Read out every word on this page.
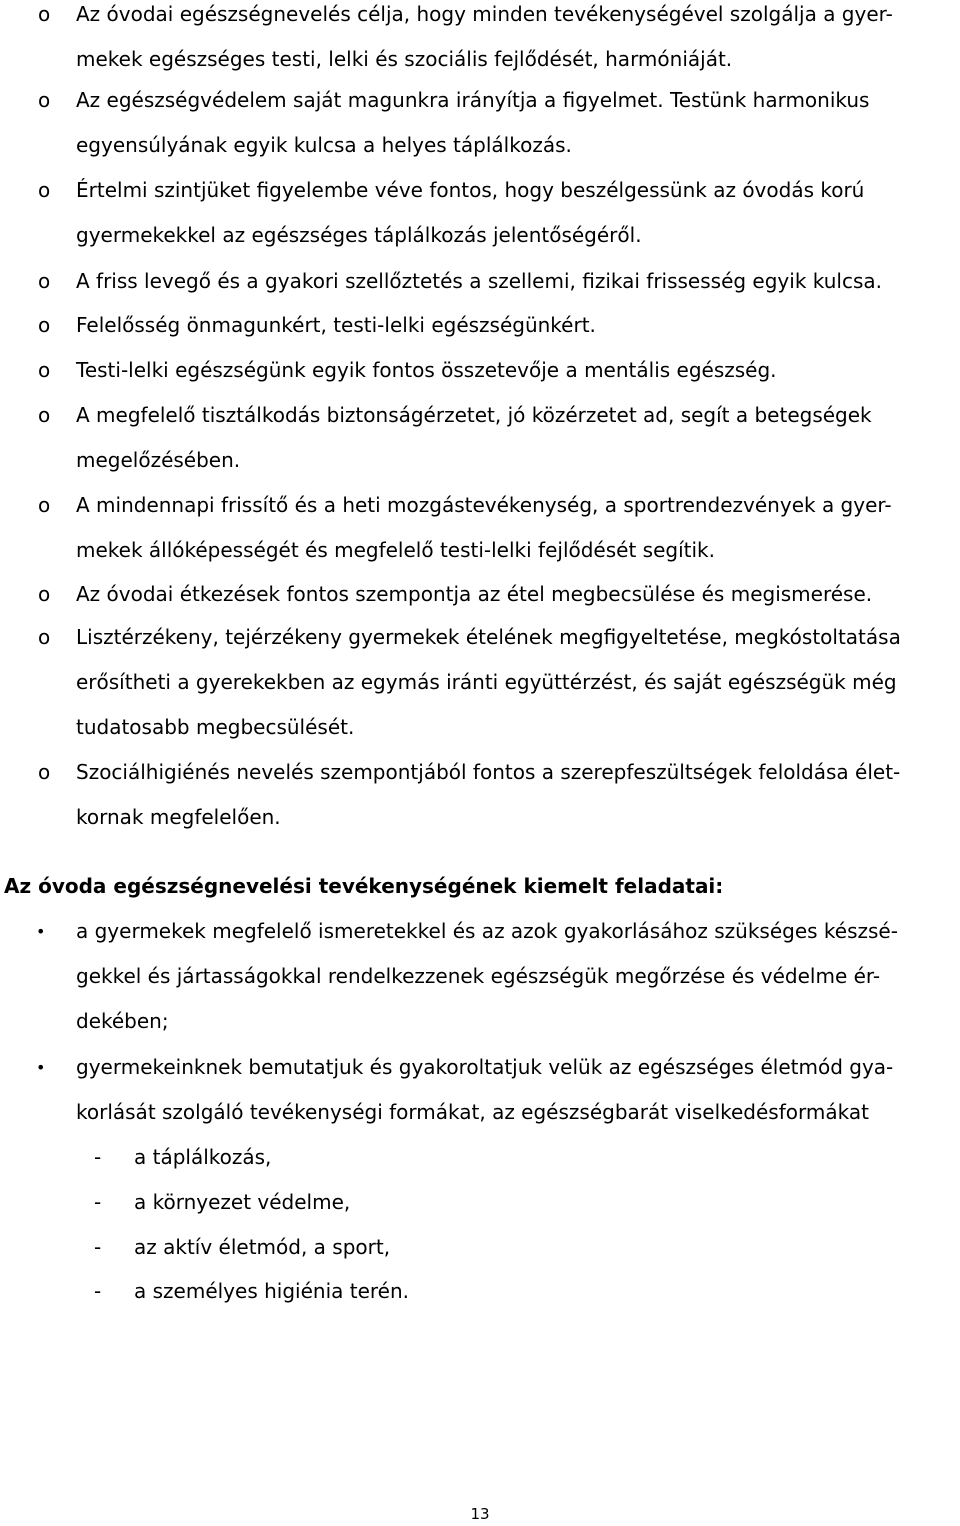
o Az óvodai egészségnevelés célja, hogy minden tevékenységével szolgálja a gyer-
mekek egészséges testi, lelki és szociális fejlődését, harmóniáját.
o Az egészségvédelem saját magunkra irányítja a figyelmet. Testünk harmonikus
egyensúlyának egyik kulcsa a helyes táplálkozás.
o Értelmi szintjüket figyelembe véve fontos, hogy beszélgessünk az óvodás korú
gyermekekkel az egészséges táplálkozás jelentőségéről.
o A friss levegő és a gyakori szellőztetés a szellemi, fizikai frissesség egyik kulcsa.
o Felelősség önmagunkért, testi-lelki egészségünkért.
o Testi-lelki egészségünk egyik fontos összetevője a mentális egészség.
o A megfelelő tisztálkodás biztonságérzetet, jó közérzetet ad, segít a betegségek
megelőzésében.
o A mindennapi frissítő és a heti mozgástevékenység, a sportrendezvények a gyer-
mekek állóképességét és megfelelő testi-lelki fejlődését segítik.
o Az óvodai étkezések fontos szempontja az étel megbecsülése és megismerése.
o Lisztérzékeny, tejérzékeny gyermekek ételének megfigyeltetése, megkóstoltatása
erősítheti a gyerekekben az egymás iránti együttérzést, és saját egészségük még
tudatosabb megbecsülését.
o Szociálhigiénés nevelés szempontjából fontos a szerepfeszültségek feloldása élet-
kornak megfelelően.
Az óvoda egészségnevelési tevékenységének kiemelt feladatai:
• a gyermekek megfelelő ismeretekkel és az azok gyakorlásához szükséges készsé-
gekkel és jártasságokkal rendelkezzenek egészségük megőrzése és védelme ér-
dekében;
• gyermekeinknek bemutatjuk és gyakoroltatjuk velük az egészséges életmód gya-
korlását szolgáló tevékenységi formákat, az egészségbarát viselkedésformákat
- a táplálkozás,
- a környezet védelme,
- az aktív életmód, a sport,
- a személyes higiénia terén.
13
